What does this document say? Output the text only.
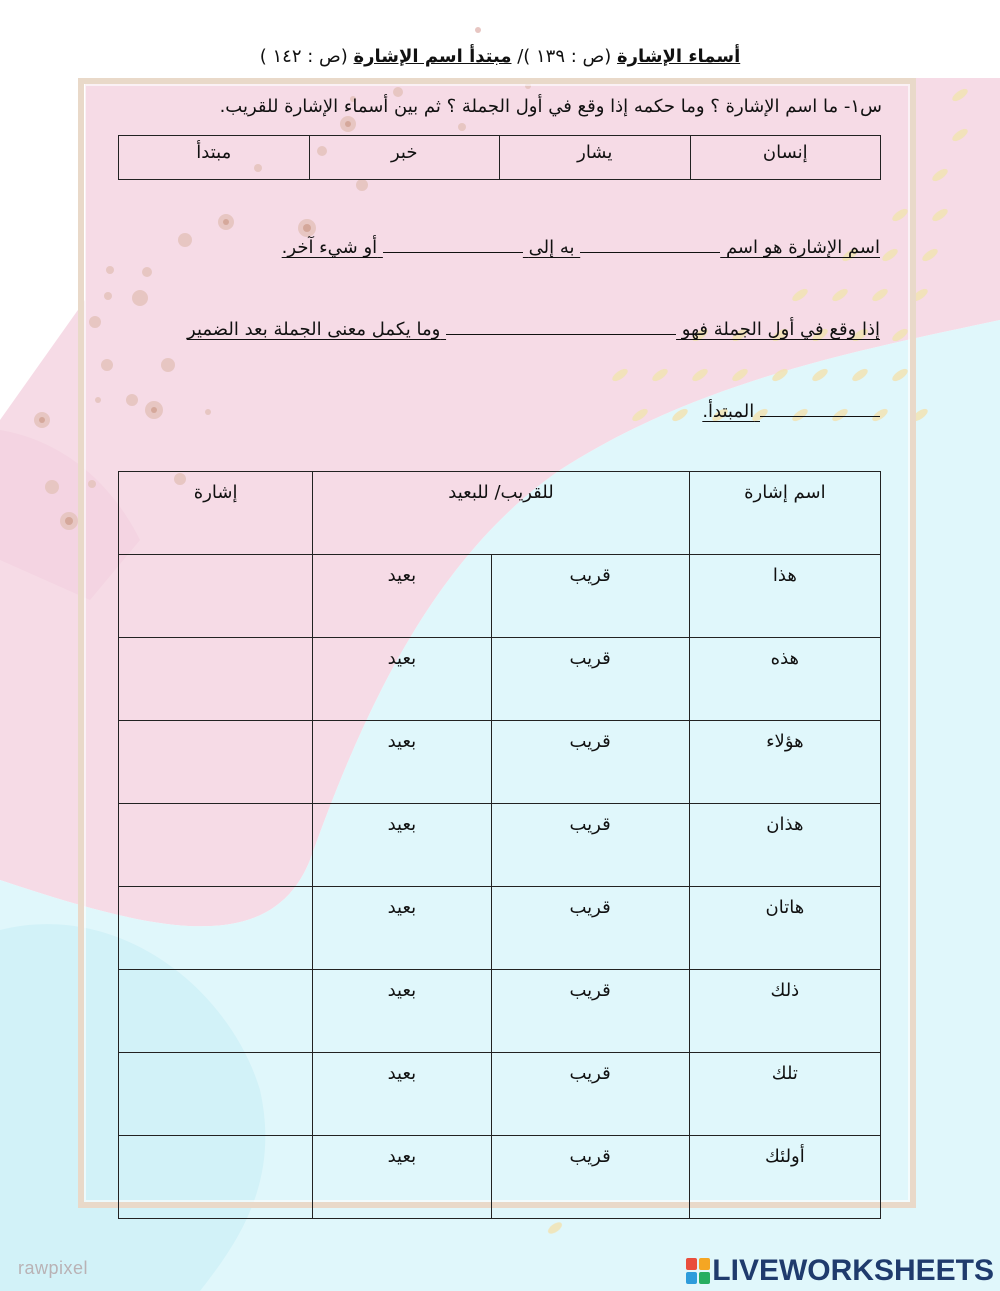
أسماء الإشارة (ص : ١٣٩ )/ مبتدأ اسم الإشارة (ص : ١٤٢ )
س١- ما اسم الإشارة ؟ وما حكمه إذا وقع في أول الجملة ؟ ثم بين أسماء الإشارة للقريب.
إنسان	يشار	خبر	مبتدأ
اسم الإشارة هو اسم  به إلى  أو شيء آخر.
إذا وقع في أول الجملة فهو  وما يكمل معنى الجملة بعد الضمير
المبتدأ.
اسم إشارة	للقريب/ للبعيد		إشارة
هذا	قريب	بعيد	
هذه	قريب	بعيد	
هؤلاء	قريب	بعيد	
هذان	قريب	بعيد	
هاتان	قريب	بعيد	
ذلك	قريب	بعيد	
تلك	قريب	بعيد	
أولئك	قريب	بعيد	
rawpixel	LIVEWORKSHEETS
